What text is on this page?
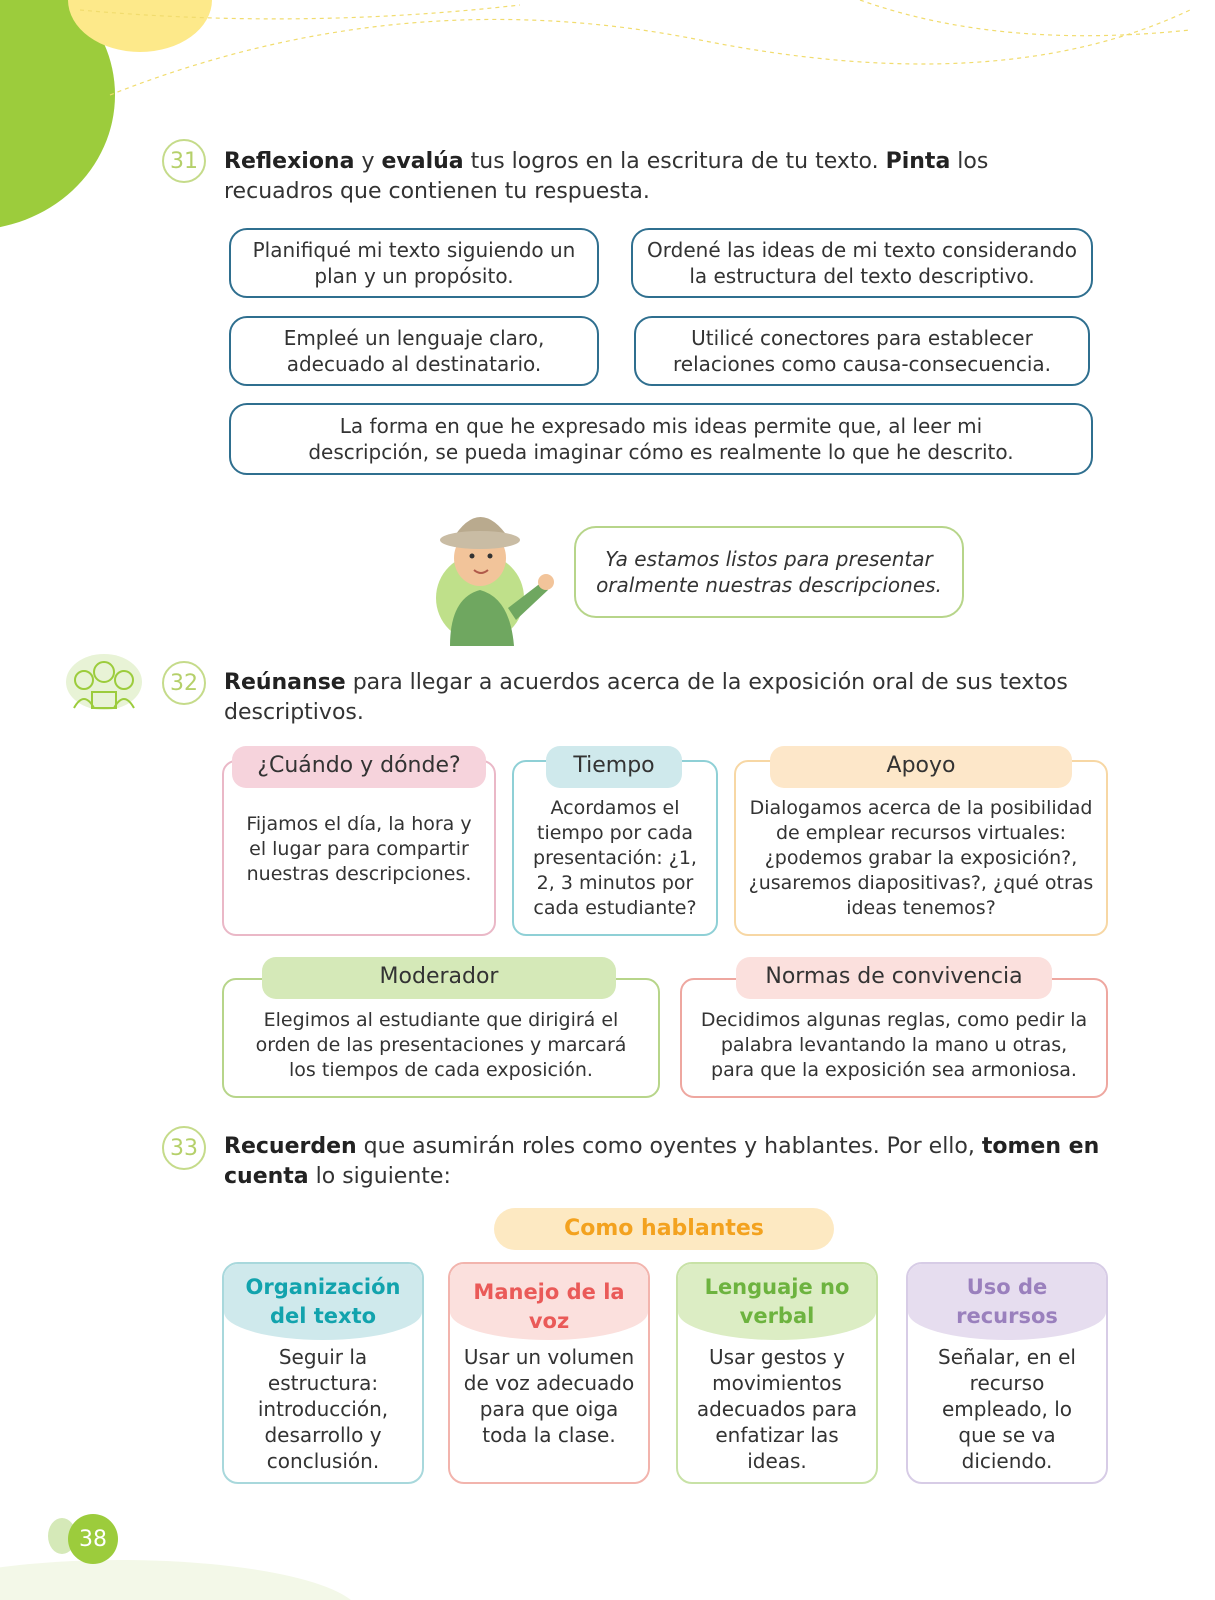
31	Reflexiona y evalúa tus logros en la escritura de tu texto. Pinta los recuadros que contienen tu respuesta.
Planifiqué mi texto siguiendo un plan y un propósito.
Ordené las ideas de mi texto considerando la estructura del texto descriptivo.
Empleé un lenguaje claro, adecuado al destinatario.
Utilicé conectores para establecer relaciones como causa-consecuencia.
La forma en que he expresado mis ideas permite que, al leer mi descripción, se pueda imaginar cómo es realmente lo que he descrito.
Ya estamos listos para presentar oralmente nuestras descripciones.
32	Reúnanse para llegar a acuerdos acerca de la exposición oral de sus textos descriptivos.
Fijamos el día, la hora y el lugar para compartir nuestras descripciones.
¿Cuándo y dónde?
Acordamos el tiempo por cada presentación: ¿1, 2, 3 minutos por cada estudiante?
Tiempo
Dialogamos acerca de la posibilidad de emplear recursos virtuales: ¿podemos grabar la exposición?, ¿usaremos diapositivas?, ¿qué otras ideas tenemos?
Apoyo
Elegimos al estudiante que dirigirá el orden de las presentaciones y marcará los tiempos de cada exposición.
Moderador
Decidimos algunas reglas, como pedir la palabra levantando la mano u otras, para que la exposición sea armoniosa.
Normas de convivencia
33	Recuerden que asumirán roles como oyentes y hablantes. Por ello, tomen en cuenta lo siguiente:
Como hablantes
Organización del texto
Seguir la estructura: introducción, desarrollo y conclusión.
Manejo de la voz
Usar un volumen de voz adecuado para que oiga toda la clase.
Lenguaje no verbal
Usar gestos y movimientos adecuados para enfatizar las ideas.
Uso de recursos
Señalar, en el recurso empleado, lo que se va diciendo.
38
